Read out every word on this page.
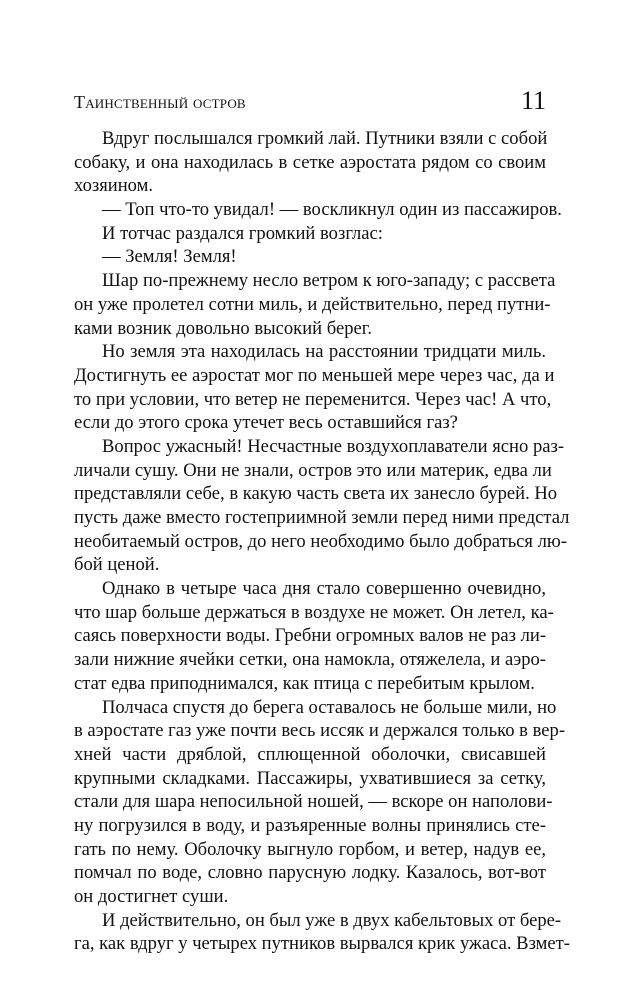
Таинственный остров	11
Вдруг послышался громкий лай. Путники взяли с собой
собаку, и она находилась в сетке аэростата рядом со своим
хозяином.
— Топ что-то увидал! — воскликнул один из пассажиров.
И тотчас раздался громкий возглас:
— Земля! Земля!
Шар по-прежнему несло ветром к юго-западу; с рассвета
он уже пролетел сотни миль, и действительно, перед путни-
ками возник довольно высокий берег.
Но земля эта находилась на расстоянии тридцати миль.
Достигнуть ее аэростат мог по меньшей мере через час, да и
то при условии, что ветер не переменится. Через час! А что,
если до этого срока утечет весь оставшийся газ?
Вопрос ужасный! Несчастные воздухоплаватели ясно раз-
личали сушу. Они не знали, остров это или материк, едва ли
представляли себе, в какую часть света их занесло бурей. Но
пусть даже вместо гостеприимной земли перед ними предстал
необитаемый остров, до него необходимо было добраться лю-
бой ценой.
Однако в четыре часа дня стало совершенно очевидно,
что шар больше держаться в воздухе не может. Он летел, ка-
саясь поверхности воды. Гребни огромных валов не раз ли-
зали нижние ячейки сетки, она намокла, отяжелела, и аэро-
стат едва приподнимался, как птица с перебитым крылом.
Полчаса спустя до берега оставалось не больше мили, но
в аэростате газ уже почти весь иссяк и держался только в вер-
хней части дряблой, сплющенной оболочки, свисавшей
крупными складками. Пассажиры, ухватившиеся за сетку,
стали для шара непосильной ношей, — вскоре он наполови-
ну погрузился в воду, и разъяренные волны принялись сте-
гать по нему. Оболочку выгнуло горбом, и ветер, надув ее,
помчал по воде, словно парусную лодку. Казалось, вот-вот
он достигнет суши.
И действительно, он был уже в двух кабельтовых от бере-
га, как вдруг у четырех путников вырвался крик ужаса. Взмет-
